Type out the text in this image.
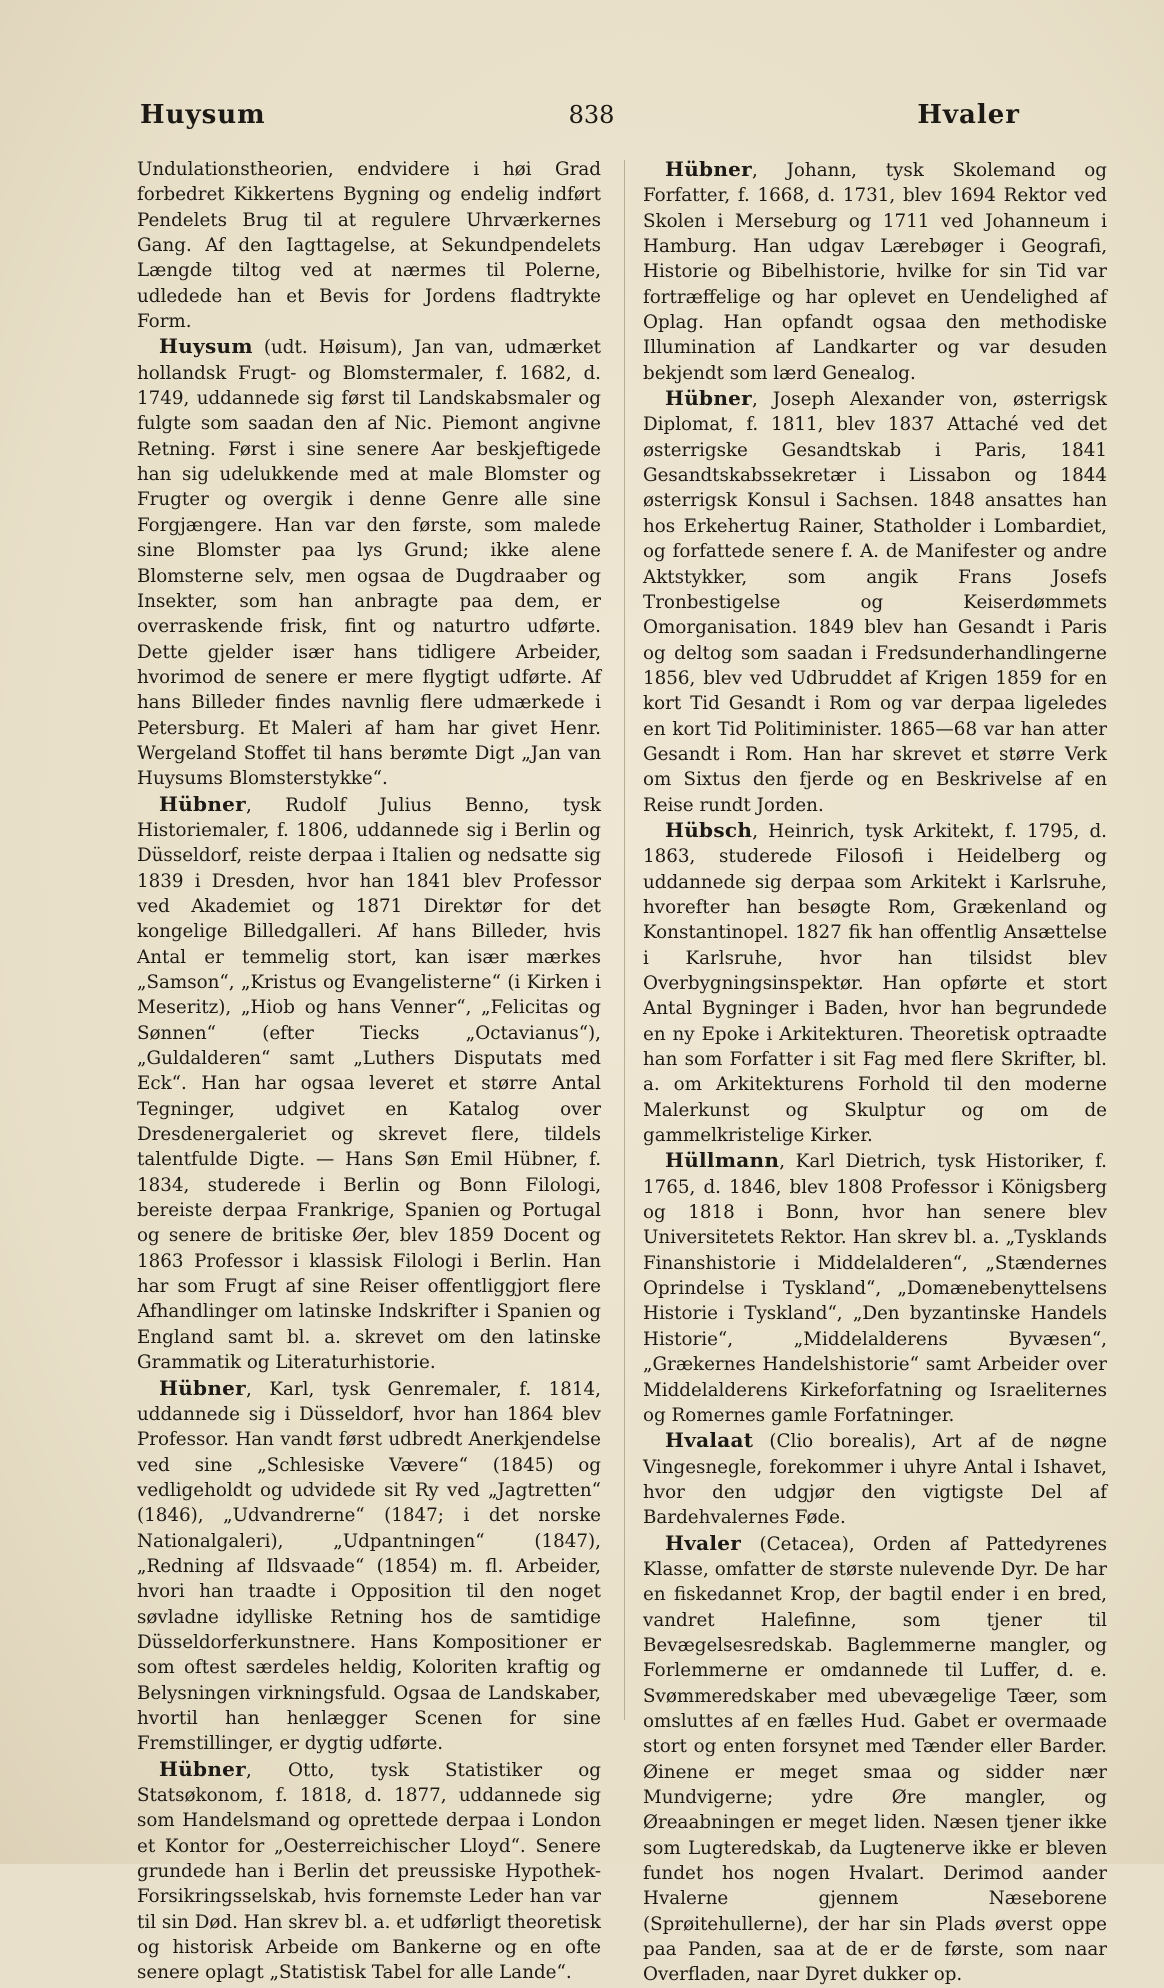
Huysum	838	Hvaler

Undulationstheorien, endvidere i høi Grad forbedret Kikkertens Bygning og endelig indført Pendelets Brug til at regulere Uhrværkernes Gang. Af den Iagttagelse, at Sekundpendelets Længde tiltog ved at nærmes til Polerne, udledede han et Bevis for Jordens fladtrykte Form.

Huysum (udt. Høisum), Jan van, udmærket hollandsk Frugt- og Blomstermaler, f. 1682, d. 1749, uddannede sig først til Landskabsmaler og fulgte som saadan den af Nic. Piemont angivne Retning. Først i sine senere Aar beskjeftigede han sig udelukkende med at male Blomster og Frugter og overgik i denne Genre alle sine Forgjængere. Han var den første, som malede sine Blomster paa lys Grund; ikke alene Blomsterne selv, men ogsaa de Dugdraaber og Insekter, som han anbragte paa dem, er overraskende frisk, fint og naturtro udførte. Dette gjelder især hans tidligere Arbeider, hvorimod de senere er mere flygtigt udførte. Af hans Billeder findes navnlig flere udmærkede i Petersburg. Et Maleri af ham har givet Henr. Wergeland Stoffet til hans berømte Digt „Jan van Huysums Blomsterstykke“.

Hübner, Rudolf Julius Benno, tysk Historiemaler, f. 1806, uddannede sig i Berlin og Düsseldorf, reiste derpaa i Italien og nedsatte sig 1839 i Dresden, hvor han 1841 blev Professor ved Akademiet og 1871 Direktør for det kongelige Billedgalleri. Af hans Billeder, hvis Antal er temmelig stort, kan især mærkes „Samson“, „Kristus og Evangelisterne“ (i Kirken i Meseritz), „Hiob og hans Venner“, „Felicitas og Sønnen“ (efter Tiecks „Octavianus“), „Guldalderen“ samt „Luthers Disputats med Eck“. Han har ogsaa leveret et større Antal Tegninger, udgivet en Katalog over Dresdenergaleriet og skrevet flere, tildels talentfulde Digte. — Hans Søn Emil Hübner, f. 1834, studerede i Berlin og Bonn Filologi, bereiste derpaa Frankrige, Spanien og Portugal og senere de britiske Øer, blev 1859 Docent og 1863 Professor i klassisk Filologi i Berlin. Han har som Frugt af sine Reiser offentliggjort flere Afhandlinger om latinske Indskrifter i Spanien og England samt bl. a. skrevet om den latinske Grammatik og Literaturhistorie.

Hübner, Karl, tysk Genremaler, f. 1814, uddannede sig i Düsseldorf, hvor han 1864 blev Professor. Han vandt først udbredt Anerkjendelse ved sine „Schlesiske Væverе“ (1845) og vedligeholdt og udvidede sit Ry ved „Jagtretten“ (1846), „Udvandrerne“ (1847; i det norske Nationalgaleri), „Udpantningen“ (1847), „Redning af Ildsvaade“ (1854) m. fl. Arbeider, hvori han traadte i Opposition til den noget søvladne idylliske Retning hos de samtidige Düsseldorferkunstnere. Hans Kompositioner er som oftest særdeles heldig, Koloriten kraftig og Belysningen virkningsfuld. Ogsaa de Landskaber, hvortil han henlægger Scenen for sine Fremstillinger, er dygtig udførte.

Hübner, Otto, tysk Statistiker og Statsøkonom, f. 1818, d. 1877, uddannede sig som Handelsmand og oprettede derpaa i London et Kontor for „Oesterreichischer Lloyd“. Senere grundede han i Berlin det preussiske Hypothek-Forsikringsselskab, hvis fornemste Leder han var til sin Død. Han skrev bl. a. et udførligt theoretisk og historisk Arbeide om Bankerne og en ofte senere oplagt „Statistisk Tabel for alle Lande“.

Hübner, Johann, tysk Skolemand og Forfatter, f. 1668, d. 1731, blev 1694 Rektor ved Skolen i Merseburg og 1711 ved Johanneum i Hamburg. Han udgav Lærebøger i Geografi, Historie og Bibelhistorie, hvilke for sin Tid var fortræffelige og har oplevet en Uendelighed af Oplag. Han opfandt ogsaa den methodiske Illumination af Landkarter og var desuden bekjendt som lærd Genealog.

Hübner, Joseph Alexander von, østerrigsk Diplomat, f. 1811, blev 1837 Attaché ved det østerrigske Gesandtskab i Paris, 1841 Gesandtskabssekretær i Lissabon og 1844 østerrigsk Konsul i Sachsen. 1848 ansattes han hos Erkehertug Rainer, Statholder i Lombardiet, og forfattede senere f. A. de Manifester og andre Aktstykker, som angik Frans Josefs Tronbestigelse og Keiserdømmets Omorganisation. 1849 blev han Gesandt i Paris og deltog som saadan i Fredsunderhandlingerne 1856, blev ved Udbruddet af Krigen 1859 for en kort Tid Gesandt i Rom og var derpaa ligeledes en kort Tid Politiminister. 1865—68 var han atter Gesandt i Rom. Han har skrevet et større Verk om Sixtus den fjerde og en Beskrivelse af en Reise rundt Jorden.

Hübsch, Heinrich, tysk Arkitekt, f. 1795, d. 1863, studerede Filosofi i Heidelberg og uddannede sig derpaa som Arkitekt i Karlsruhe, hvorefter han besøgte Rom, Grækenland og Konstantinopel. 1827 fik han offentlig Ansættelse i Karlsruhe, hvor han tilsidst blev Overbygningsinspektør. Han opførte et stort Antal Bygninger i Baden, hvor han begrundede en ny Epoke i Arkitekturen. Theoretisk optraadte han som Forfatter i sit Fag med flere Skrifter, bl. a. om Arkitekturens Forhold til den moderne Malerkunst og Skulptur og om de gammelkristelige Kirker.

Hüllmann, Karl Dietrich, tysk Historiker, f. 1765, d. 1846, blev 1808 Professor i Königsberg og 1818 i Bonn, hvor han senere blev Universitetets Rektor. Han skrev bl. a. „Tysklands Finanshistorie i Middelalderen“, „Stændernes Oprindelse i Tyskland“, „Domænebenyttelsens Historie i Tyskland“, „Den byzantinske Handels Historie“, „Middelalderens Byvæsen“, „Grækernes Handelshistorie“ samt Arbeider over Middelalderens Kirkeforfatning og Israeliternes og Romernes gamle Forfatninger.

Hvalaat (Clio borealis), Art af de nøgne Vingesnegle, forekommer i uhyre Antal i Ishavet, hvor den udgjør den vigtigste Del af Bardehvalernes Føde.

Hvaler (Cetacea), Orden af Pattedyrenes Klasse, omfatter de største nulevende Dyr. De har en fiskedannet Krop, der bagtil ender i en bred, vandret Halefinne, som tjener til Bevægelsesredskab. Baglemmerne mangler, og Forlemmerne er omdannede til Luffer, d. e. Svømmeredskaber med ubevægelige Tæer, som omsluttes af en fælles Hud. Gabet er overmaade stort og enten forsynet med Tænder eller Barder. Øinene er meget smaa og sidder nær Mundvigerne; ydre Øre mangler, og Øreaabningen er meget liden. Næsen tjener ikke som Lugteredskab, da Lugtenerve ikke er bleven fundet hos nogen Hvalart. Derimod aander Hvalerne gjennem Næseborene (Sprøitehullerne), der har sin Plads øverst oppe paa Panden, saa at de er de første, som naar Overfladen, naar Dyret dukker op.
